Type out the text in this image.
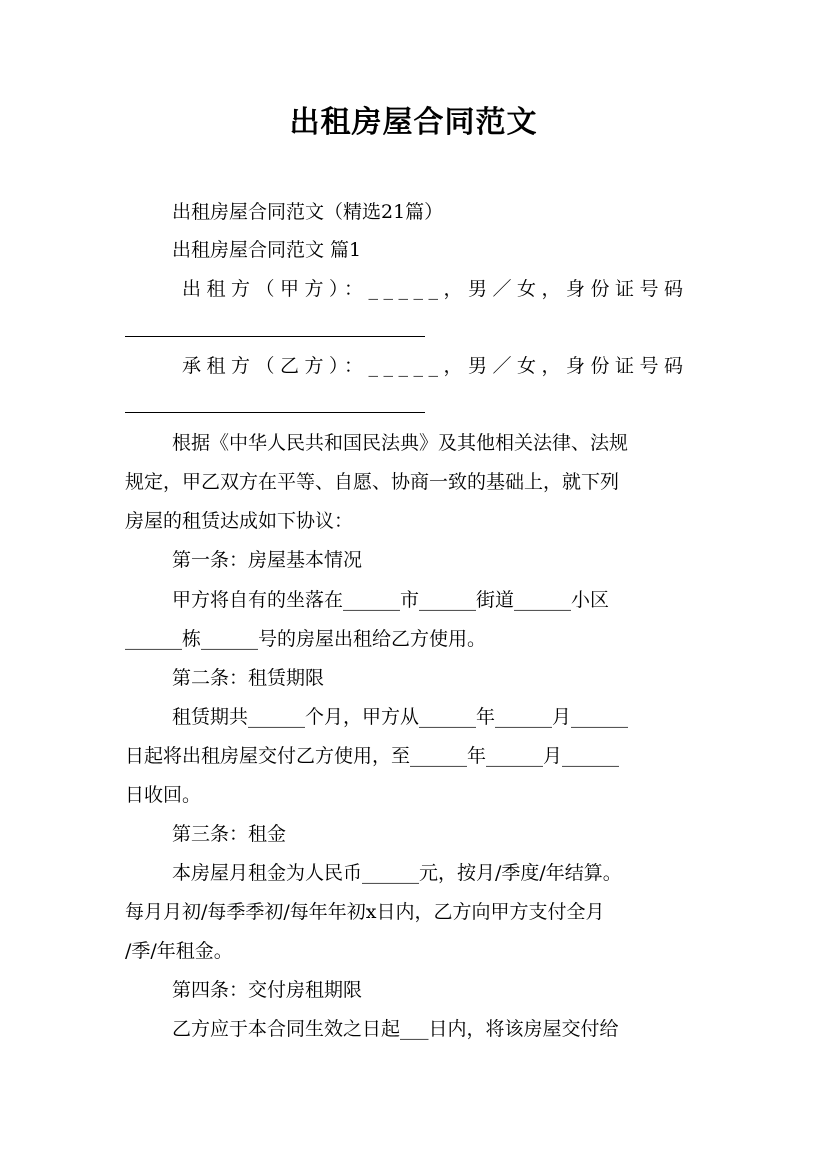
出租房屋合同范文
出租房屋合同范文（精选21篇）
出租房屋合同范文 篇1
出租方（甲方）：_____，男／女，身份证号码
承租方（乙方）：_____，男／女，身份证号码
根据《中华人民共和国民法典》及其他相关法律、法规
规定，甲乙双方在平等、自愿、协商一致的基础上，就下列
房屋的租赁达成如下协议：
第一条：房屋基本情况
甲方将自有的坐落在______市______街道______小区
______栋______号的房屋出租给乙方使用。
第二条：租赁期限
租赁期共______个月，甲方从______年______月______
日起将出租房屋交付乙方使用，至______年______月______
日收回。
第三条：租金
本房屋月租金为人民币______元，按月/季度/年结算。
每月月初/每季季初/每年年初x日内，乙方向甲方支付全月
/季/年租金。
第四条：交付房租期限
乙方应于本合同生效之日起___日内，将该房屋交付给
